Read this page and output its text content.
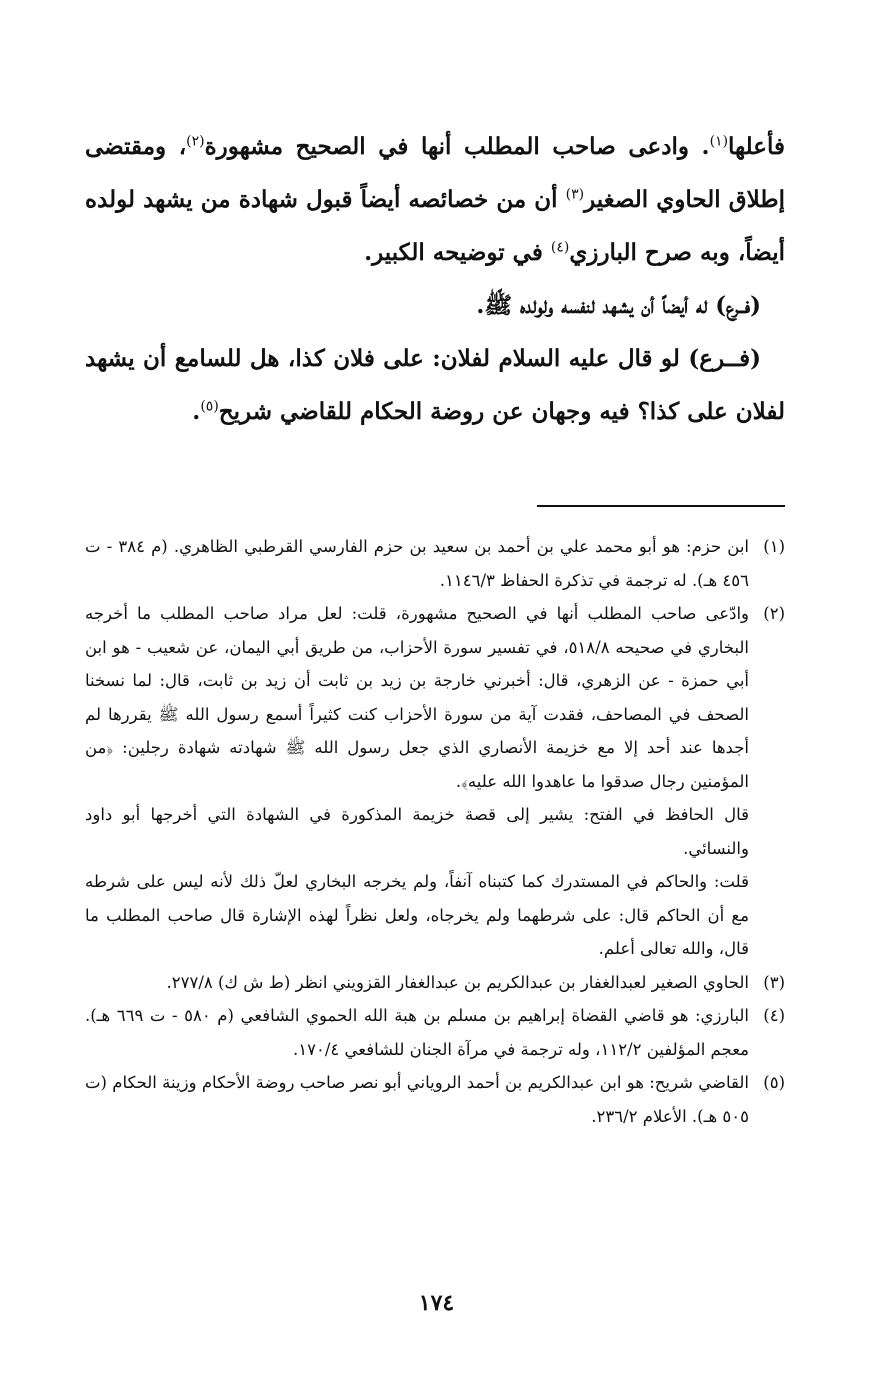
فأعلها$^{(١)}$. وادعى صاحب المطلب أنها في الصحيح مشهورة$^{(٢)}$، ومقتضى إطلاق الحاوي الصغير$^{(٣)}$ أن من خصائصه أيضاً قبول شهادة من يشهد لولده أيضاً، وبه صرح البارزي$^{(٤)}$ في توضيحه الكبير.

(فــرع) له أيضاً أن يشهد لنفسه ولولده ﷺ.

(فــرع) لو قال عليه السلام لفلان: على فلان كذا، هل للسامع أن يشهد لفلان على كذا؟ فيه وجهان عن روضة الحكام للقاضي شريح$^{(٥)}$.

(١)

ابن حزم: هو أبو محمد علي بن أحمد بن سعيد بن حزم الفارسي القرطبي الظاهري. (م ٣٨٤ - ت ٤٥٦ هـ). له ترجمة في تذكرة الحفاظ ١١٤٦/٣.

(٢)

وادّعى صاحب المطلب أنها في الصحيح مشهورة، قلت: لعل مراد صاحب المطلب ما أخرجه البخاري في صحيحه ٥١٨/٨، في تفسير سورة الأحزاب، من طريق أبي اليمان، عن شعيب - هو ابن أبي حمزة - عن الزهري، قال: أخبرني خارجة بن زيد بن ثابت أن زيد بن ثابت، قال: لما نسخنا الصحف في المصاحف، فقدت آية من سورة الأحزاب كنت كثيراً أسمع رسول الله ﷺ يقررها لم أجدها عند أحد إلا مع خزيمة الأنصاري الذي جعل رسول الله ﷺ شهادته شهادة رجلين: ﴿من المؤمنين رجال صدقوا ما عاهدوا الله عليه﴾.

قال الحافظ في الفتح: يشير إلى قصة خزيمة المذكورة في الشهادة التي أخرجها أبو داود والنسائي.

قلت: والحاكم في المستدرك كما كتبناه آنفاً، ولم يخرجه البخاري لعلّ ذلك لأنه ليس على شرطه مع أن الحاكم قال: على شرطهما ولم يخرجاه، ولعل نظراً لهذه الإشارة قال صاحب المطلب ما قال، والله تعالى أعلم.

(٣)

الحاوي الصغير لعبدالغفار بن عبدالكريم بن عبدالغفار القزويني انظر (ط ش ك) ٢٧٧/٨.

(٤)

البارزي: هو قاضي القضاة إبراهيم بن مسلم بن هبة الله الحموي الشافعي (م ٥٨٠ - ت ٦٦٩ هـ). معجم المؤلفين ١١٢/٢، وله ترجمة في مرآة الجنان للشافعي ١٧٠/٤.

(٥)

القاضي شريح: هو ابن عبدالكريم بن أحمد الروياني أبو نصر صاحب روضة الأحكام وزينة الحكام (ت ٥٠٥ هـ). الأعلام ٢٣٦/٢.

١٧٤
